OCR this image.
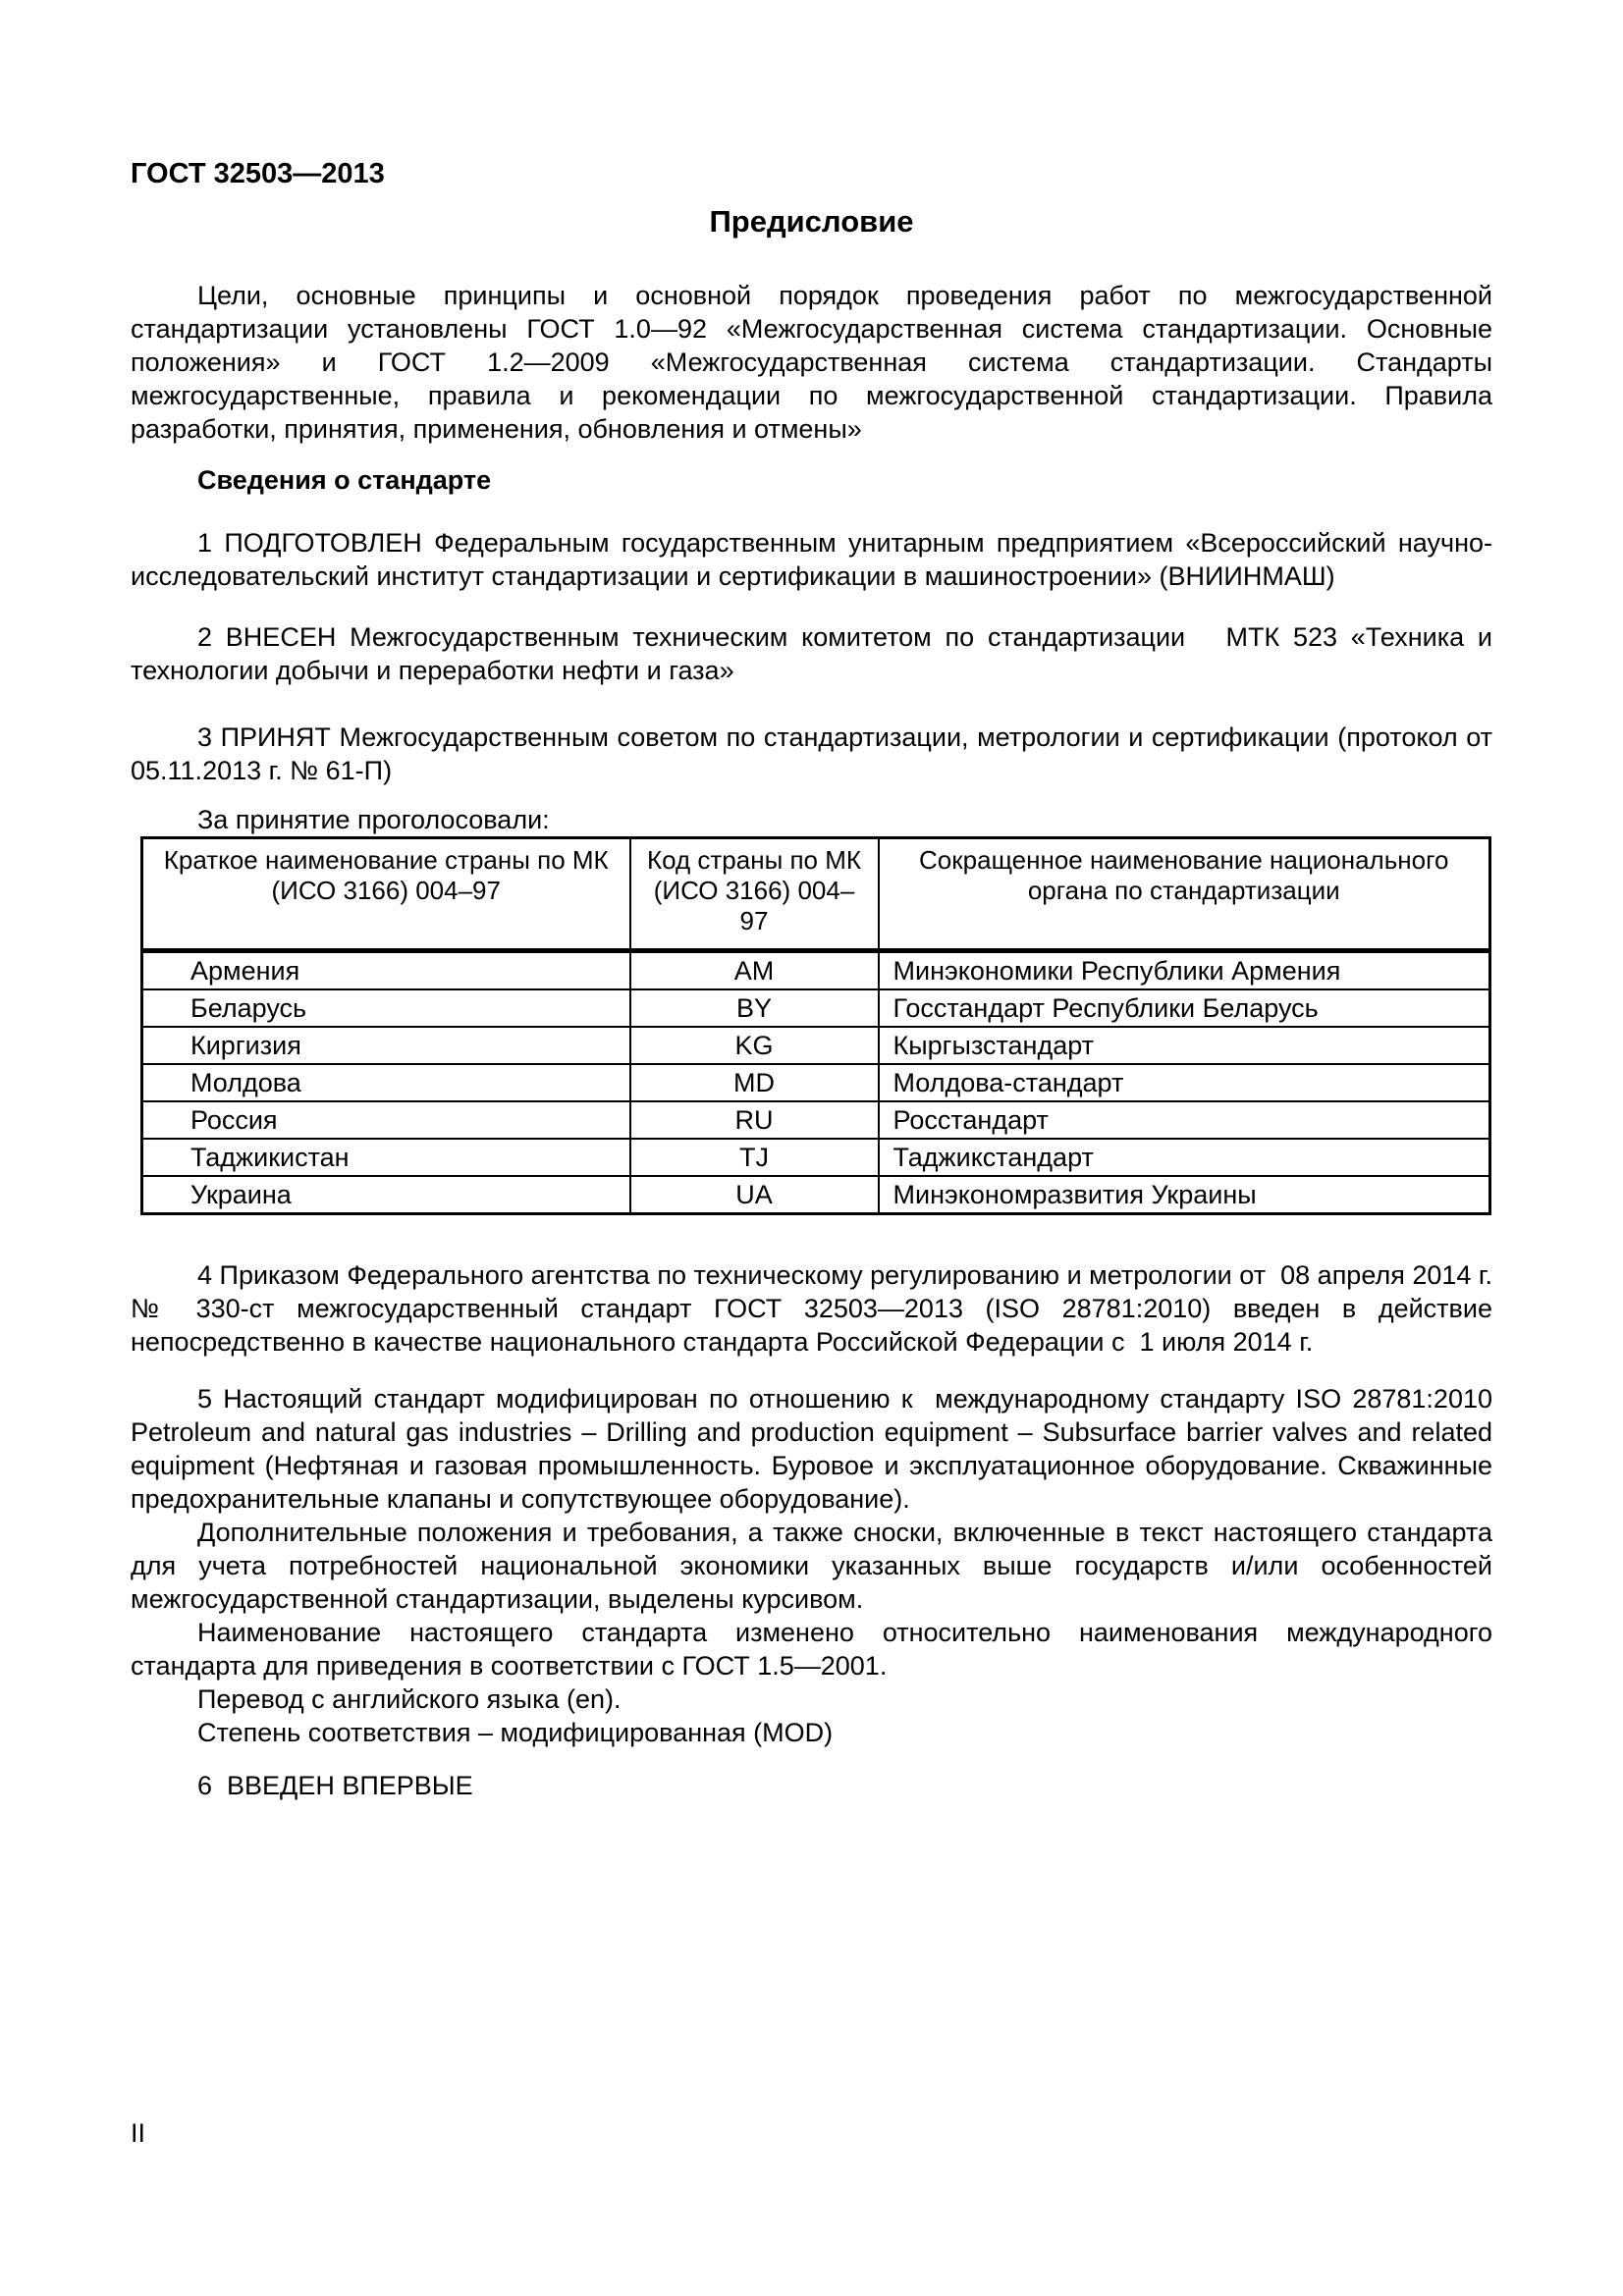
ГОСТ 32503—2013
Предисловие

Цели, основные принципы и основной порядок проведения работ по межгосударственной стандартизации установлены ГОСТ 1.0—92 «Межгосударственная система стандартизации. Основные положения» и ГОСТ 1.2—2009 «Межгосударственная система стандартизации. Стандарты межгосударственные, правила и рекомендации по межгосударственной стандартизации. Правила разработки, принятия, применения, обновления и отмены»

Сведения о стандарте

1 ПОДГОТОВЛЕН Федеральным государственным унитарным предприятием «Всероссийский научно-исследовательский институт стандартизации и сертификации в машиностроении» (ВНИИНМАШ)

2 ВНЕСЕН Межгосударственным техническим комитетом по стандартизации   МТК 523 «Техника и технологии добычи и переработки нефти и газа»

3 ПРИНЯТ Межгосударственным советом по стандартизации, метрологии и сертификации (протокол от 05.11.2013 г. № 61-П)

За принятие проголосовали:

Краткое наименование страны по МК (ИСО 3166) 004–97	Код страны по МК (ИСО 3166) 004–97	Сокращенное наименование национального органа по стандартизации
Армения	AM	Минэкономики Республики Армения
Беларусь	BY	Госстандарт Республики Беларусь
Киргизия	KG	Кыргызстандарт
Молдова	MD	Молдова-стандарт
Россия	RU	Росстандарт
Таджикистан	TJ	Таджикстандарт
Украина	UA	Минэкономразвития Украины

4 Приказом Федерального агентства по техническому регулированию и метрологии от  08 апреля 2014 г. № 330-ст межгосударственный стандарт ГОСТ 32503—2013 (ISO 28781:2010) введен в действие непосредственно в качестве национального стандарта Российской Федерации с  1 июля 2014 г.

5 Настоящий стандарт модифицирован по отношению к  международному стандарту ISO 28781:2010 Petroleum and natural gas industries – Drilling and production equipment – Subsurface barrier valves and related equipment (Нефтяная и газовая промышленность. Буровое и эксплуатационное оборудование. Скважинные предохранительные клапаны и сопутствующее оборудование).

Дополнительные положения и требования, а также сноски, включенные в текст настоящего стандарта для учета потребностей национальной экономики указанных выше государств и/или особенностей межгосударственной стандартизации, выделены курсивом.

Наименование настоящего стандарта изменено относительно наименования международного стандарта для приведения в соответствии с ГОСТ 1.5—2001.

Перевод с английского языка (en).

Степень соответствия – модифицированная (MOD)

6  ВВЕДЕН ВПЕРВЫЕ

II
